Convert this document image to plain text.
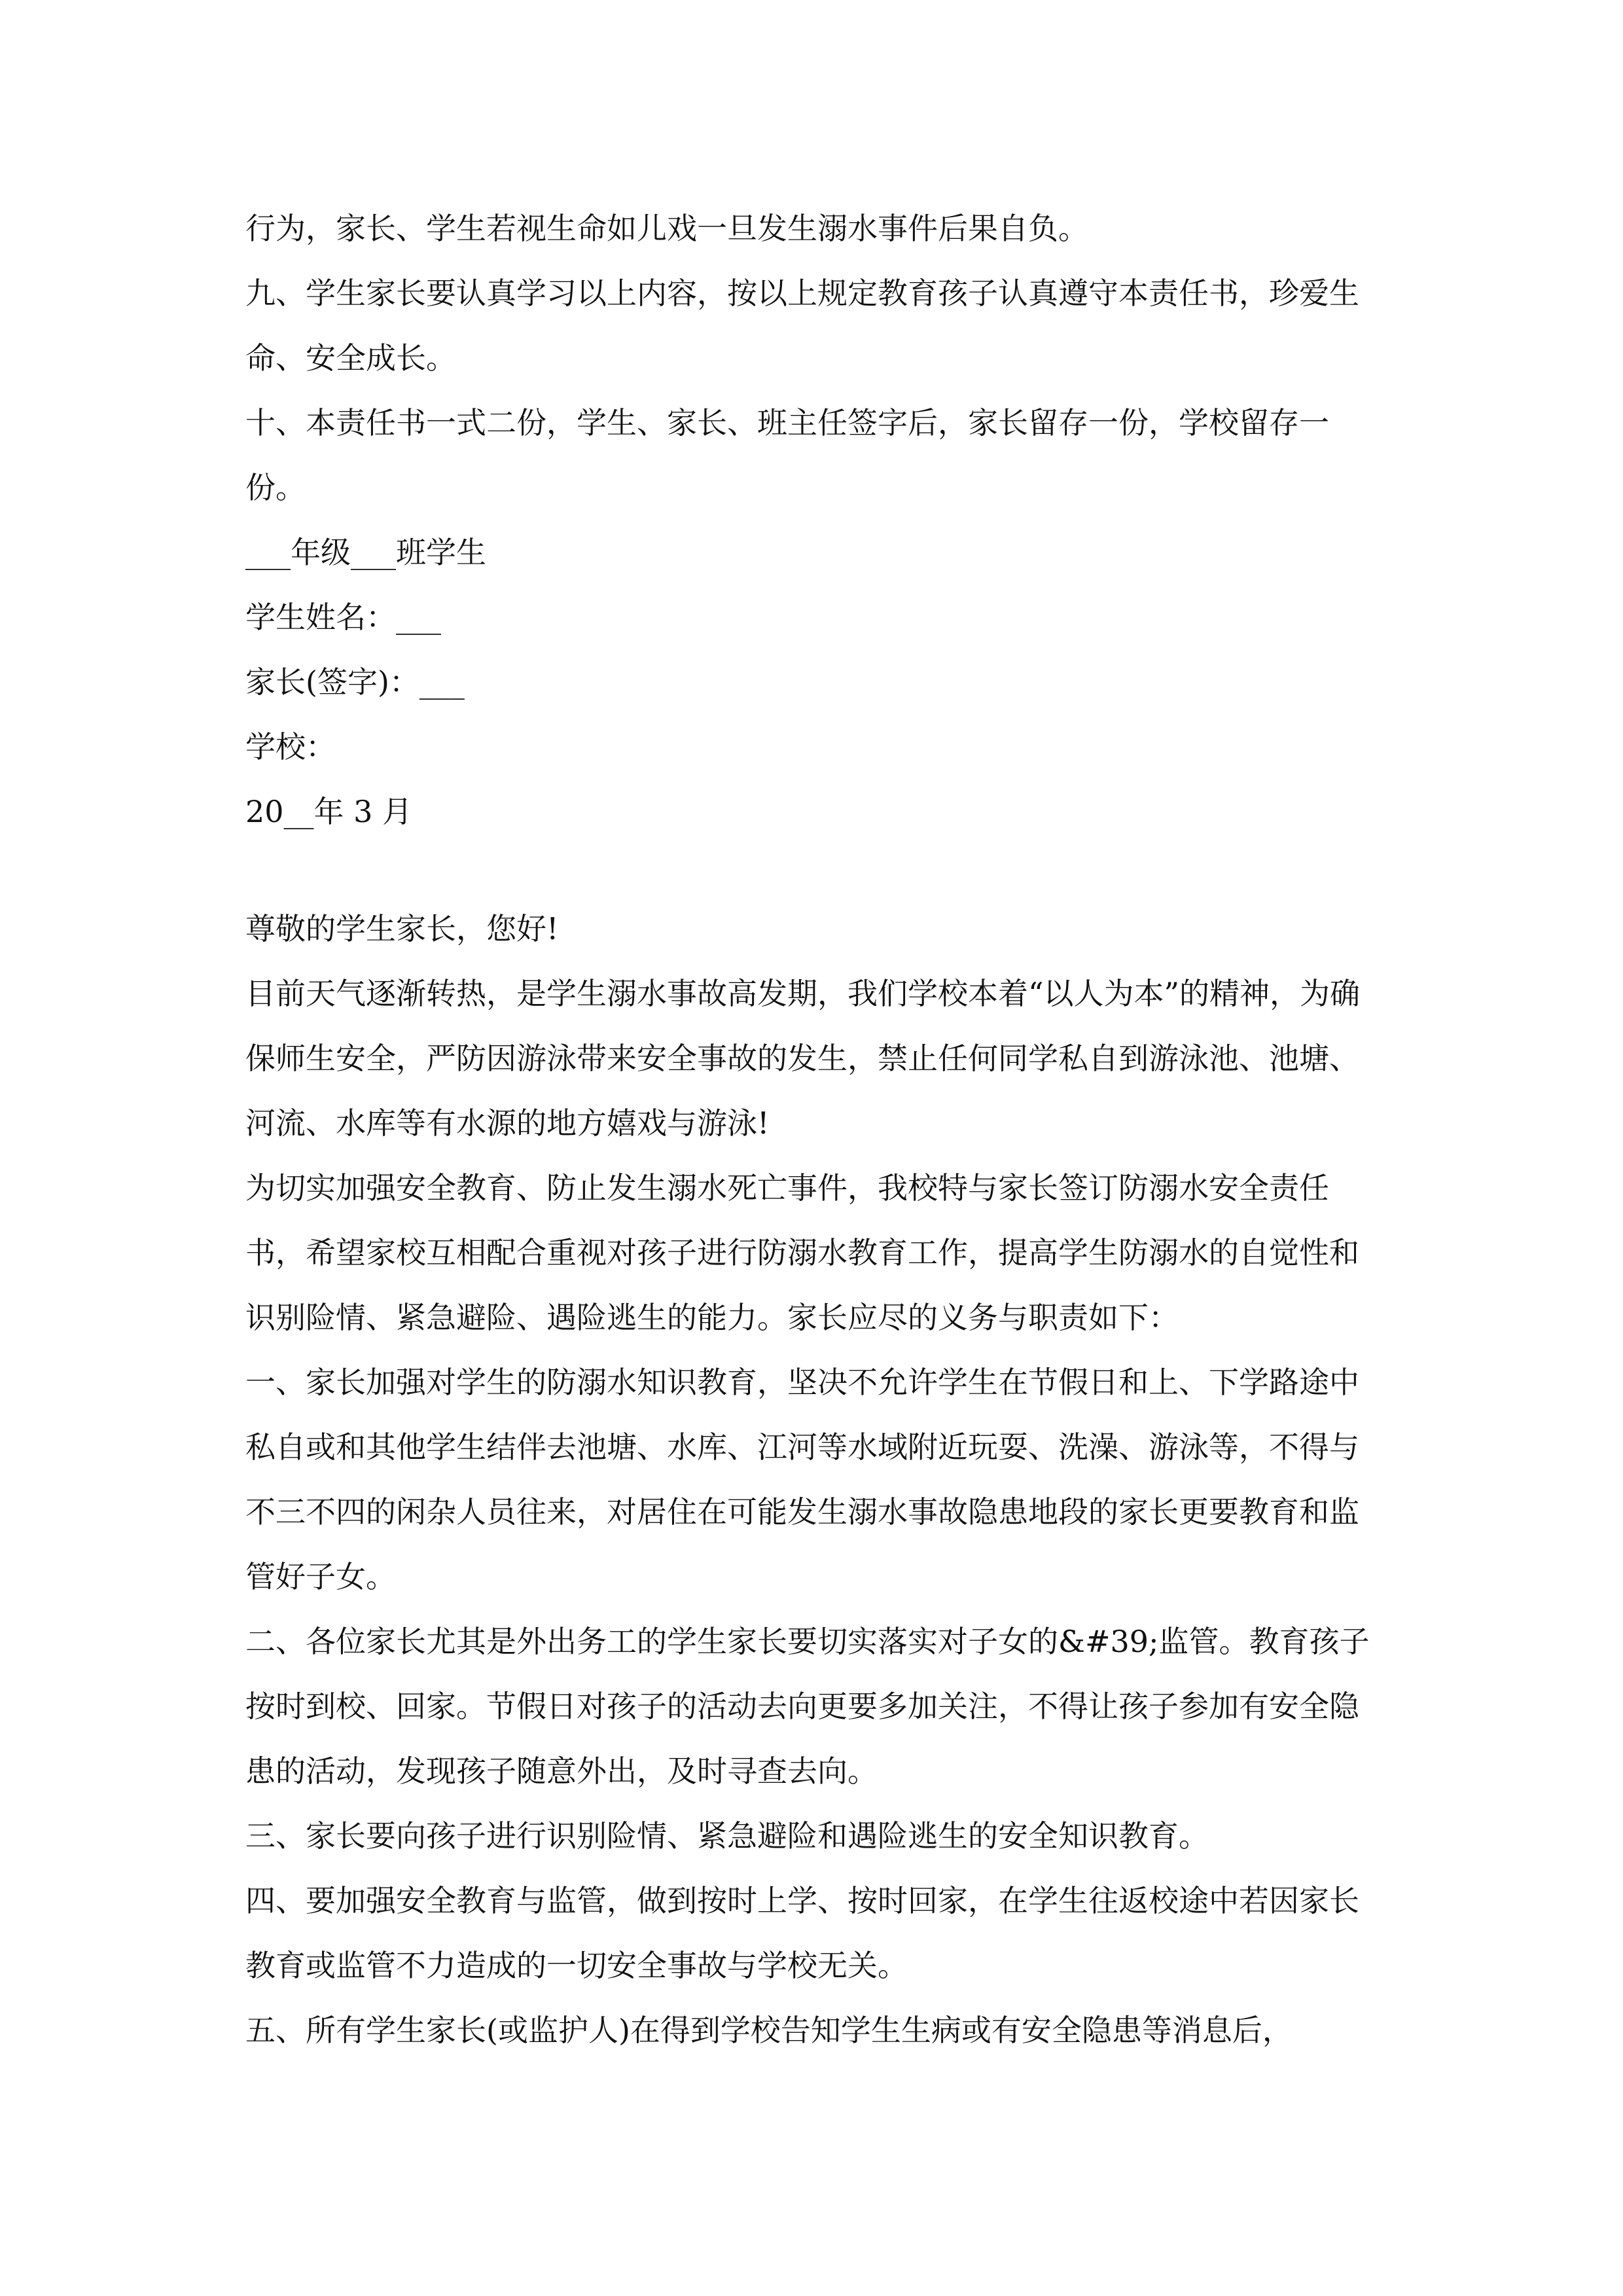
行为，家长、学生若视生命如儿戏一旦发生溺水事件后果自负。

九、学生家长要认真学习以上内容，按以上规定教育孩子认真遵守本责任书，珍爱生命、安全成长。

十、本责任书一式二份，学生、家长、班主任签字后，家长留存一份，学校留存一份。

___年级___班学生

学生姓名：___

家长(签字)：___

学校：

20__年 3 月

尊敬的学生家长，您好!

目前天气逐渐转热，是学生溺水事故高发期，我们学校本着“以人为本”的精神，为确保师生安全，严防因游泳带来安全事故的发生，禁止任何同学私自到游泳池、池塘、河流、水库等有水源的地方嬉戏与游泳!

为切实加强安全教育、防止发生溺水死亡事件，我校特与家长签订防溺水安全责任书，希望家校互相配合重视对孩子进行防溺水教育工作，提高学生防溺水的自觉性和识别险情、紧急避险、遇险逃生的能力。家长应尽的义务与职责如下：

一、家长加强对学生的防溺水知识教育，坚决不允许学生在节假日和上、下学路途中私自或和其他学生结伴去池塘、水库、江河等水域附近玩耍、洗澡、游泳等，不得与不三不四的闲杂人员往来，对居住在可能发生溺水事故隐患地段的家长更要教育和监管好子女。

二、各位家长尤其是外出务工的学生家长要切实落实对子女的&#39;监管。教育孩子按时到校、回家。节假日对孩子的活动去向更要多加关注，不得让孩子参加有安全隐患的活动，发现孩子随意外出，及时寻查去向。

三、家长要向孩子进行识别险情、紧急避险和遇险逃生的安全知识教育。

四、要加强安全教育与监管，做到按时上学、按时回家，在学生往返校途中若因家长教育或监管不力造成的一切安全事故与学校无关。

五、所有学生家长(或监护人)在得到学校告知学生生病或有安全隐患等消息后，
